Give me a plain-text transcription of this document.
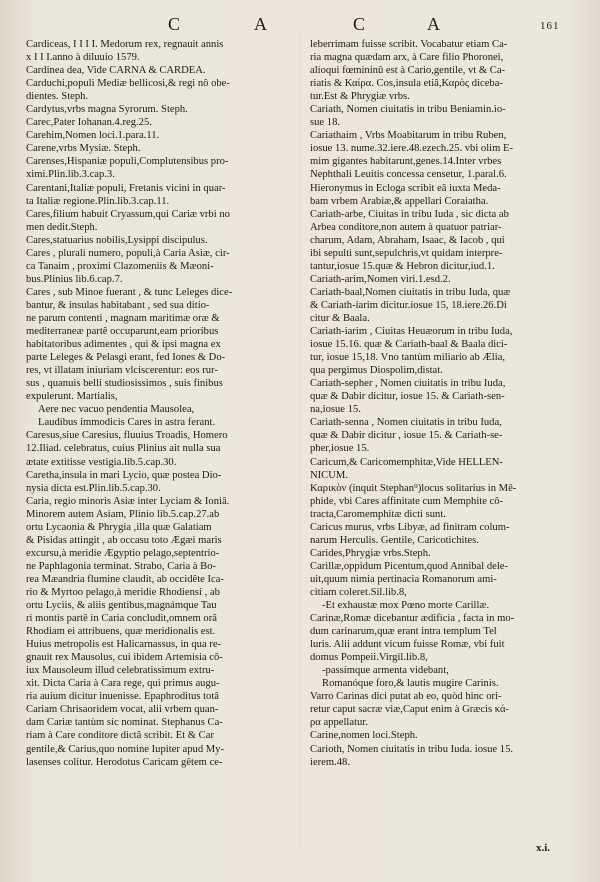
C	A	C	A	161
Cardiceas, I I I I. Medorum rex, regnauit annis
x I I I.anno à diluuio 1579.
Cardinea dea, Vide CARNA & CARDEA.
Carduchi,populi Mediæ bellicosi,& regi nô obe-
dientes. Steph.
Cardytus,vrbs magna Syrorum. Steph.
Carec,Pater Iohanan.4.reg.25.
Carehim,Nomen loci.1.para.11.
Carene,vrbs Mysiæ. Steph.
Carenses,Hispaniæ populi,Complutensibus pro-
ximi.Plin.lib.3.cap.3.
Carentani,Italiæ populi, Fretanis vicini in quar-
ta Italiæ regione.Plin.lib.3.cap.11.
Cares,filium habuit Cryassum,qui Cariæ vrbi no
men dedit.Steph.
Cares,statuarius nobilis,Lysippi discipulus.
Cares , plurali numero, populi,à Caria Asiæ, cir-
ca Tanaim , proximi Clazomeniis & Mæoni-
bus.Plinius lib.6.cap.7.
Cares , sub Minoe fuerant , & tunc Leleges dice-
bantur, & insulas habitabant , sed sua ditio-
ne parum contenti , magnam maritimæ oræ &
mediterraneæ partê occuparunt,eam prioribus
habitatoribus adimentes , qui & ipsi magna ex
parte Leleges & Pelasgi erant, fed Iones & Do-
res, vt illatam iniuriam vlciscerentur: eos rur-
sus , quanuis belli studiosissimos , suis finibus
expulerunt. Martialis,
Aere nec vacuo pendentia Mausolea,
Laudibus immodicis Cares in astra ferant.
Caresus,siue Caresius, fluuius Troadis, Homero
12.Iliad. celebratus, cuius Plinius ait nulla sua
ætate extitisse vestigia.lib.5.cap.30.
Caretha,insula in mari Lycio, quæ postea Dio-
nysia dicta est.Plin.lib.5.cap.30.
Caria, regio minoris Asiæ inter Lyciam & Ioniâ.
Minorem autem Asiam, Plinio lib.5.cap.27.ab
ortu Lycaonia & Phrygia ,illa quæ Galatiam
& Pisidas attingit , ab occasu toto Ægæi maris
excursu,à meridie Ægyptio pelago,septentrio-
ne Paphlagonia terminat. Strabo, Caria à Bo-
rea Mæandria flumine claudit, ab occidête Ica-
rio & Myrtoo pelago,à meridie Rhodiensi , ab
ortu Lyciis, & aliis gentibus,magnámque Tau
ri montis partê in Caria concludit,omnem orâ
Rhodiam ei attribuens, quæ meridionalis est.
Huius metropolis est Halicarnassus, in qua re-
gnauit rex Mausolus, cui ibidem Artemisia cô-
iux Mausoleum illud celebratissimum extru-
xit. Dicta Caria à Cara rege, qui primus augu-
ria auium dicitur inuenisse. Epaphroditus totâ
Cariam Chrisaoridem vocat, alii vrbem quan-
dam Cariæ tantùm sic nominat. Stephanus Ca-
riam à Care conditore dictâ scribit. Et & Car
gentile,& Carius,quo nomine Iupiter apud My-
lasenses colitur. Herodotus Caricam gêtem ce-
leberrimam fuisse scribit. Vocabatur etiam Ca-
ria magna quædam arx, à Care filio Phoronei,
alioqui fœmininû est à Cario,gentile, vt & Ca-
riatis & Καίρα. Cos,insula etiâ,Καρὸς diceba-
tur.Est & Phrygiæ vrbs.
Cariath, Nomen ciuitatis in tribu Beniamin.io-
sue 18.
Cariathaim , Vrbs Moabitarum in tribu Ruben,
iosue 13. nume.32.iere.48.ezech.25. vbi olim E-
mim gigantes habitarunt,genes.14.Inter vrbes
Nephthali Leuitis concessa censetur, 1.paral.6.
Hieronymus in Ecloga scribit eâ iuxta Meda-
bam vrbem Arabiæ,& appellari Coraiatha.
Cariath-arbe, Ciuitas in tribu Iuda , sic dicta ab
Arbea conditore,non autem à quatuor patriar-
charum, Adam, Abraham, Isaac, & Iacob , qui
ibi sepulti sunt,sepulchris,vt quidam interpre-
tantur,iosue 15.quæ & Hebron dicitur,iud.1.
Cariath-arim,Nomen viri.1.esd.2.
Cariath-baal,Nomen ciuitatis in tribu Iuda, quæ
& Cariath-iarim dicitur.iosue 15, 18.iere.26.Di
citur & Baala.
Cariath-iarim , Ciuitas Heuæorum in tribu Iuda,
iosue 15.16. quæ & Cariath-baal & Baala dici-
tur, iosue 15,18. Vno tantùm miliario ab Ælia,
qua pergimus Diospolim,distat.
Cariath-sepher , Nomen ciuitatis in tribu Iuda,
quæ & Dabir dicitur, iosue 15. & Cariath-sen-
na,iosue 15.
Cariath-senna , Nomen ciuitatis in tribu Iuda,
quæ & Dabir dicitur , iosue 15. & Cariath-se-
pher,iosue 15.
Caricum,& Caricomemphitæ,Vide HELLEN-
NICUM.
Καρικὸν (inquit Stephan⁹)locus solitarius in Mê-
phide, vbi Cares affinitate cum Memphite cô-
tracta,Caromemphitæ dicti sunt.
Caricus murus, vrbs Libyæ, ad finitram colum-
narum Herculis. Gentile, Caricotichites.
Carides,Phrygiæ vrbs.Steph.
Carillæ,oppidum Picentum,quod Annibal dele-
uit,quum nimia pertinacia Romanorum ami-
citiam coleret.Sil.lib.8,
-Et exhaustæ mox Pœno morte Carillæ.
Carinæ,Romæ dicebantur ædificia , facta in mo-
dum carinarum,quæ erant intra templum Tel
luris. Alii addunt vicum fuisse Romæ, vbi fuit
domus Pompeii.Virgil.lib.8,
-passímque armenta videbant,
Romanóque foro,& lautis mugire Carinis.
Varro Carinas dici putat ab eo, quòd hinc ori-
retur caput sacræ viæ,Caput enim à Græcis κά-
ρα appellatur.
Carine,nomen loci.Steph.
Carioth, Nomen ciuitatis in tribu Iuda. iosue 15.
ierem.48.
x.i.
